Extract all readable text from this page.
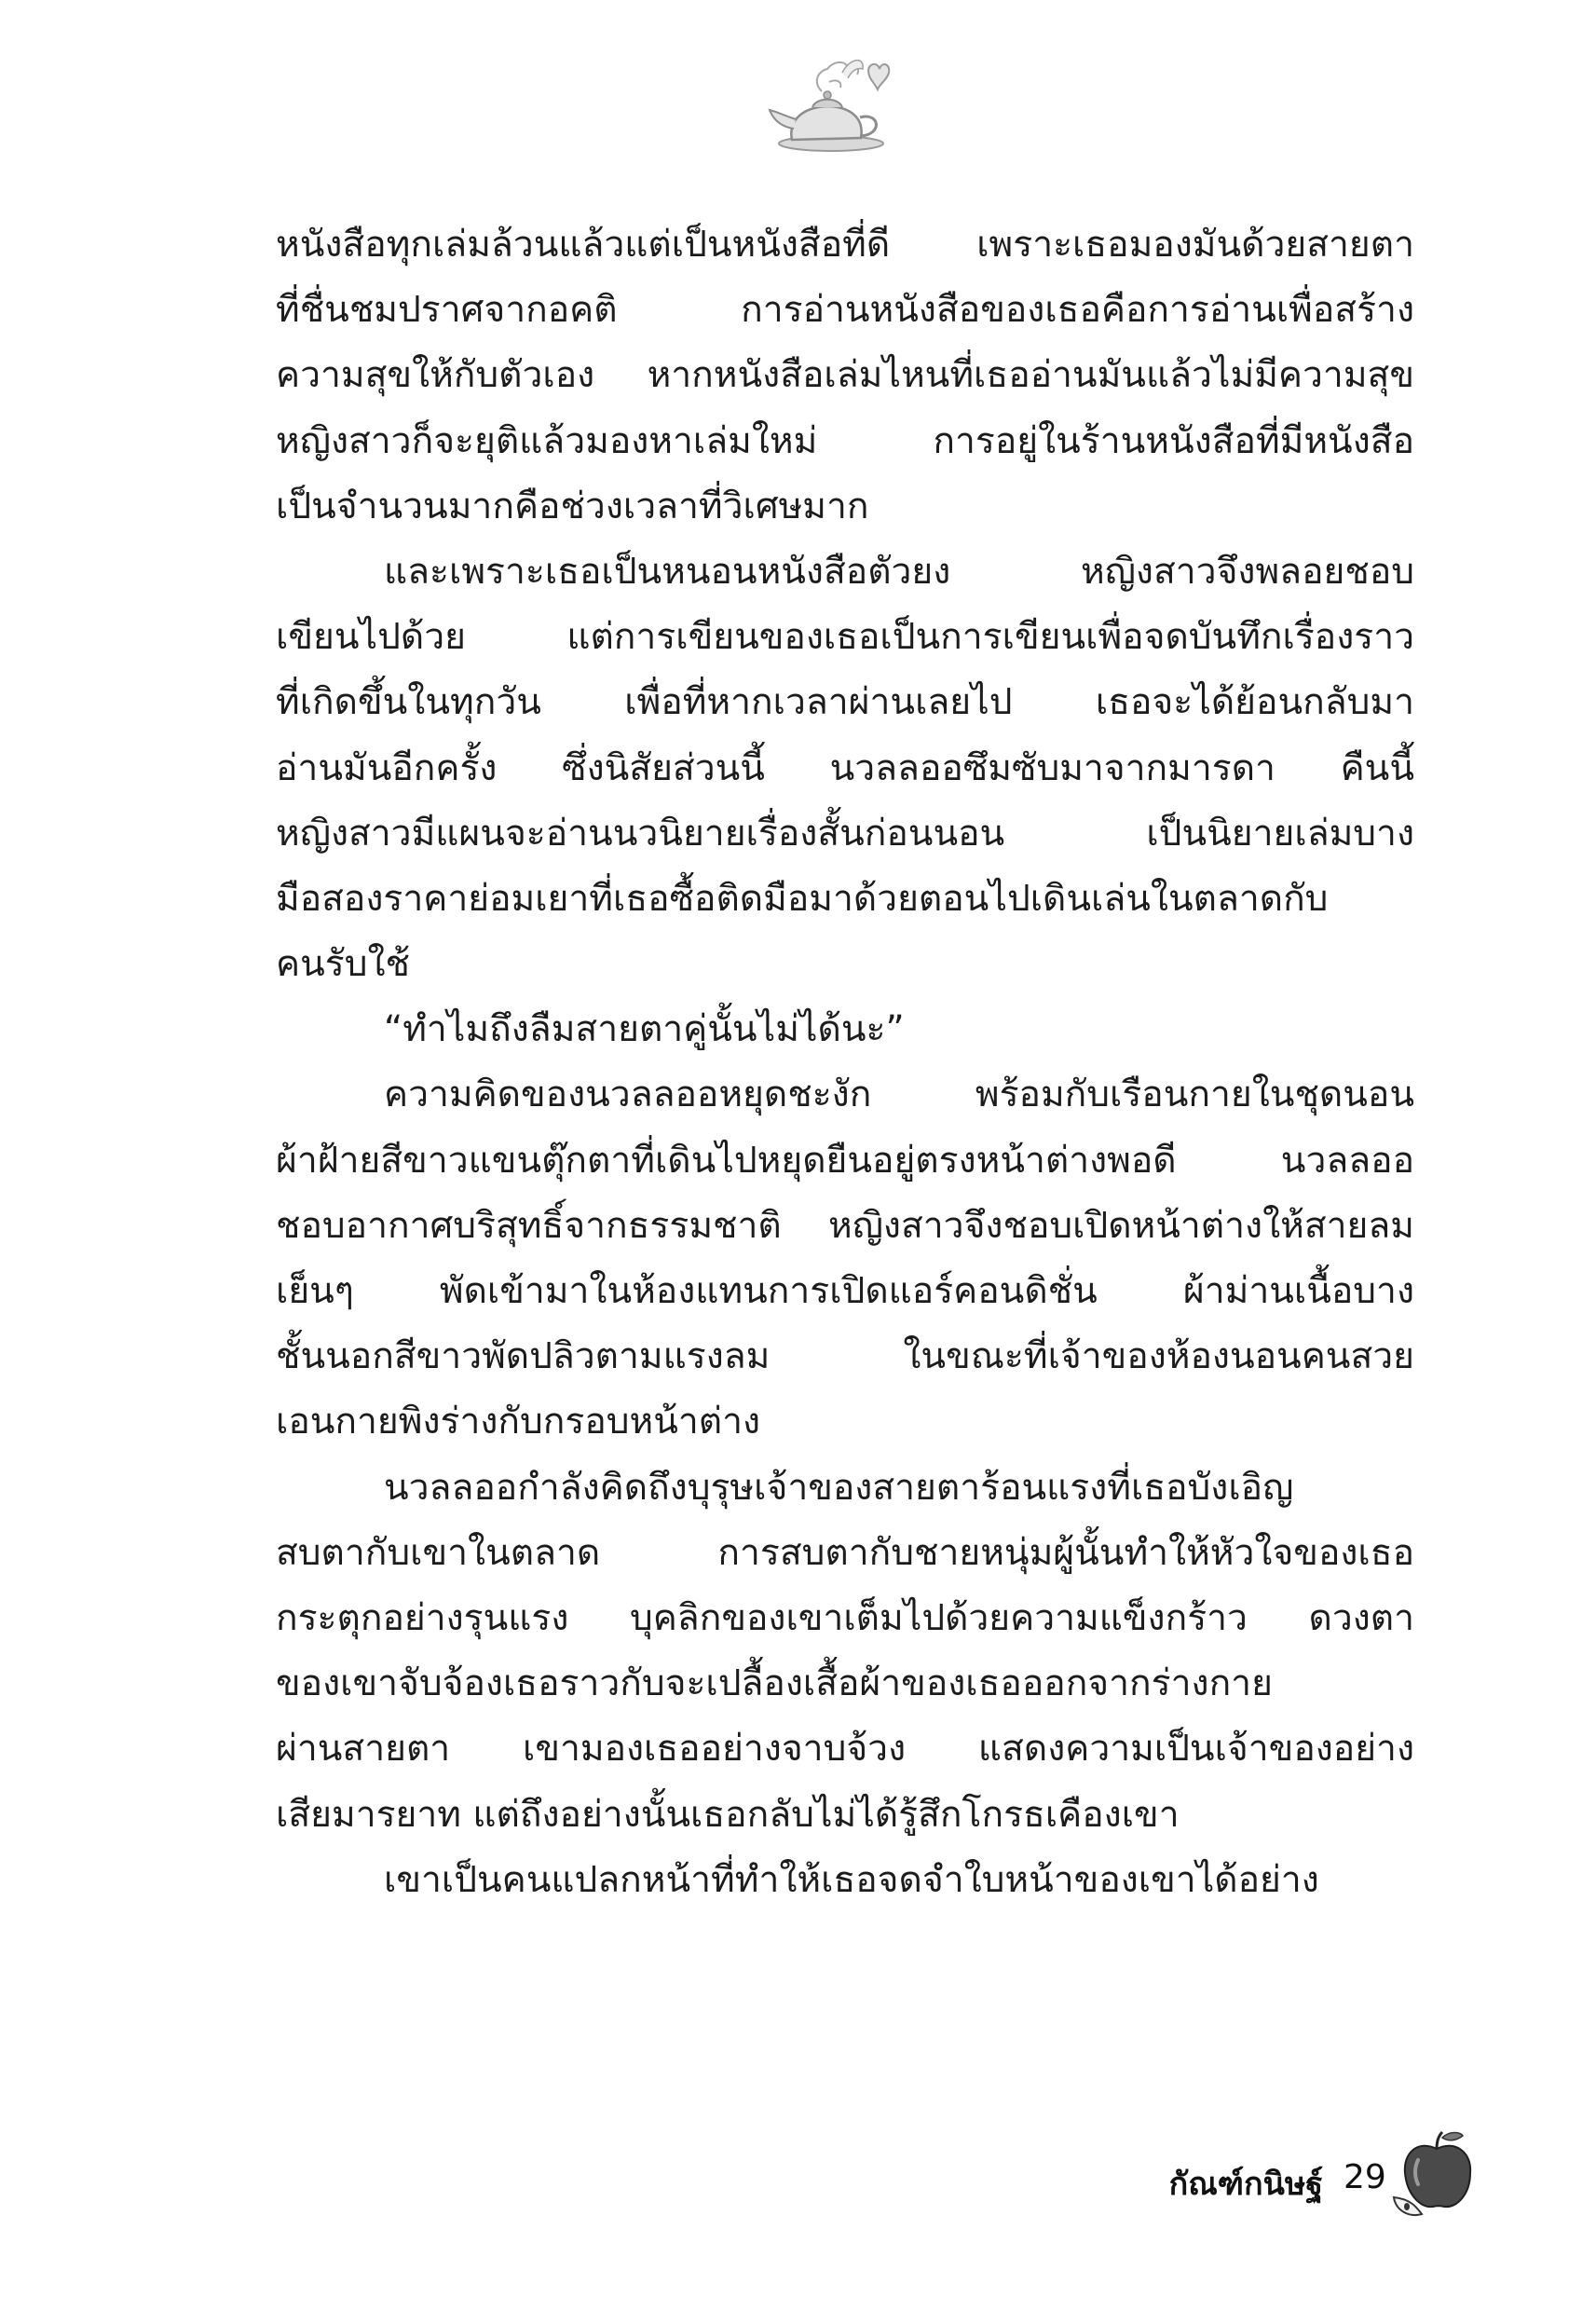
หนังสือทุกเล่มล้วนแล้วแต่เป็นหนังสือที่ดี เพราะเธอมองมันด้วยสายตา
ที่ชื่นชมปราศจากอคติ การอ่านหนังสือของเธอคือการอ่านเพื่อสร้าง
ความสุขให้กับตัวเอง หากหนังสือเล่มไหนที่เธออ่านมันแล้วไม่มีความสุข
หญิงสาวก็จะยุติแล้วมองหาเล่มใหม่ การอยู่ในร้านหนังสือที่มีหนังสือ
เป็นจำนวนมากคือช่วงเวลาที่วิเศษมาก
และเพราะเธอเป็นหนอนหนังสือตัวยง หญิงสาวจึงพลอยชอบ
เขียนไปด้วย แต่การเขียนของเธอเป็นการเขียนเพื่อจดบันทึกเรื่องราว
ที่เกิดขึ้นในทุกวัน เพื่อที่หากเวลาผ่านเลยไป เธอจะได้ย้อนกลับมา
อ่านมันอีกครั้ง ซึ่งนิสัยส่วนนี้ นวลลออซึมซับมาจากมารดา คืนนี้
หญิงสาวมีแผนจะอ่านนวนิยายเรื่องสั้นก่อนนอน เป็นนิยายเล่มบาง
มือสองราคาย่อมเยาที่เธอซื้อติดมือมาด้วยตอนไปเดินเล่นในตลาดกับ
คนรับใช้
“ทำไมถึงลืมสายตาคู่นั้นไม่ได้นะ”
ความคิดของนวลลออหยุดชะงัก พร้อมกับเรือนกายในชุดนอน
ผ้าฝ้ายสีขาวแขนตุ๊กตาที่เดินไปหยุดยืนอยู่ตรงหน้าต่างพอดี นวลลออ
ชอบอากาศบริสุทธิ์จากธรรมชาติ หญิงสาวจึงชอบเปิดหน้าต่างให้สายลม
เย็นๆ พัดเข้ามาในห้องแทนการเปิดแอร์คอนดิชั่น ผ้าม่านเนื้อบาง
ชั้นนอกสีขาวพัดปลิวตามแรงลม ในขณะที่เจ้าของห้องนอนคนสวย
เอนกายพิงร่างกับกรอบหน้าต่าง
นวลลออกำลังคิดถึงบุรุษเจ้าของสายตาร้อนแรงที่เธอบังเอิญ
สบตากับเขาในตลาด การสบตากับชายหนุ่มผู้นั้นทำให้หัวใจของเธอ
กระตุกอย่างรุนแรง บุคลิกของเขาเต็มไปด้วยความแข็งกร้าว ดวงตา
ของเขาจับจ้องเธอราวกับจะเปลื้องเสื้อผ้าของเธอออกจากร่างกาย
ผ่านสายตา เขามองเธออย่างจาบจ้วง แสดงความเป็นเจ้าของอย่าง
เสียมารยาท แต่ถึงอย่างนั้นเธอกลับไม่ได้รู้สึกโกรธเคืองเขา
เขาเป็นคนแปลกหน้าที่ทำให้เธอจดจำใบหน้าของเขาได้อย่าง
กัณฑ์กนิษฐ์ 29
